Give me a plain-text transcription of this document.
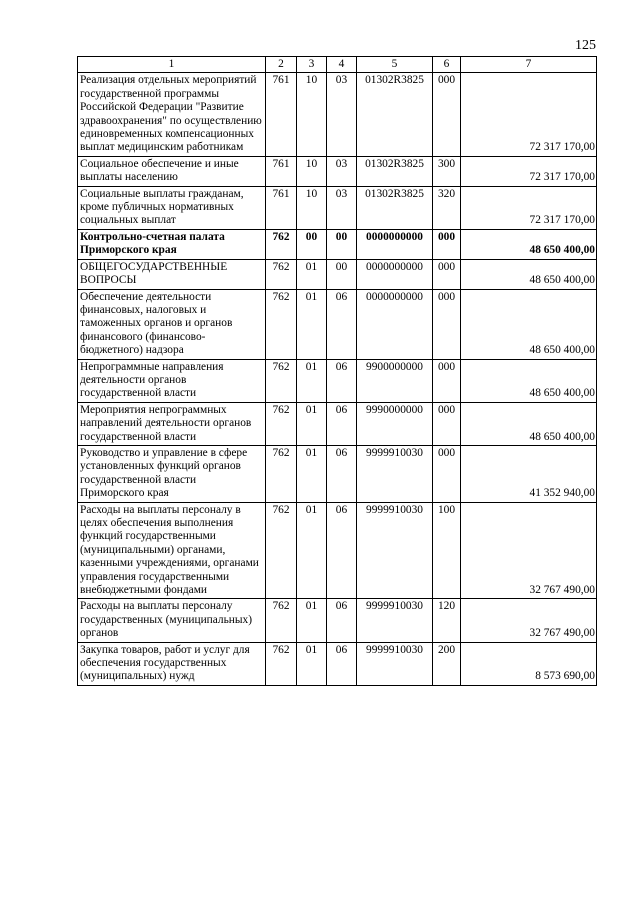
125
1	2	3	4	5	6	7
Реализация отдельных мероприятий государственной программы Российской Федерации "Развитие здравоохранения" по осуществлению единовременных компенсационных выплат медицинским работникам	761	10	03	01302R3825	000	72 317 170,00
Социальное обеспечение и иные выплаты населению	761	10	03	01302R3825	300	72 317 170,00
Социальные выплаты гражданам, кроме публичных нормативных социальных выплат	761	10	03	01302R3825	320	72 317 170,00
Контрольно-счетная палата Приморского края	762	00	00	0000000000	000	48 650 400,00
ОБЩЕГОСУДАРСТВЕННЫЕ ВОПРОСЫ	762	01	00	0000000000	000	48 650 400,00
Обеспечение деятельности финансовых, налоговых и таможенных органов и органов финансового (финансово-бюджетного) надзора	762	01	06	0000000000	000	48 650 400,00
Непрограммные направления деятельности органов государственной власти	762	01	06	9900000000	000	48 650 400,00
Мероприятия непрограммных направлений деятельности органов государственной власти	762	01	06	9990000000	000	48 650 400,00
Руководство и управление в сфере установленных функций органов государственной власти Приморского края	762	01	06	9999910030	000	41 352 940,00
Расходы на выплаты персоналу в целях обеспечения выполнения функций государственными (муниципальными) органами, казенными учреждениями, органами управления государственными внебюджетными фондами	762	01	06	9999910030	100	32 767 490,00
Расходы на выплаты персоналу государственных (муниципальных) органов	762	01	06	9999910030	120	32 767 490,00
Закупка товаров, работ и услуг для обеспечения государственных (муниципальных) нужд	762	01	06	9999910030	200	8 573 690,00
